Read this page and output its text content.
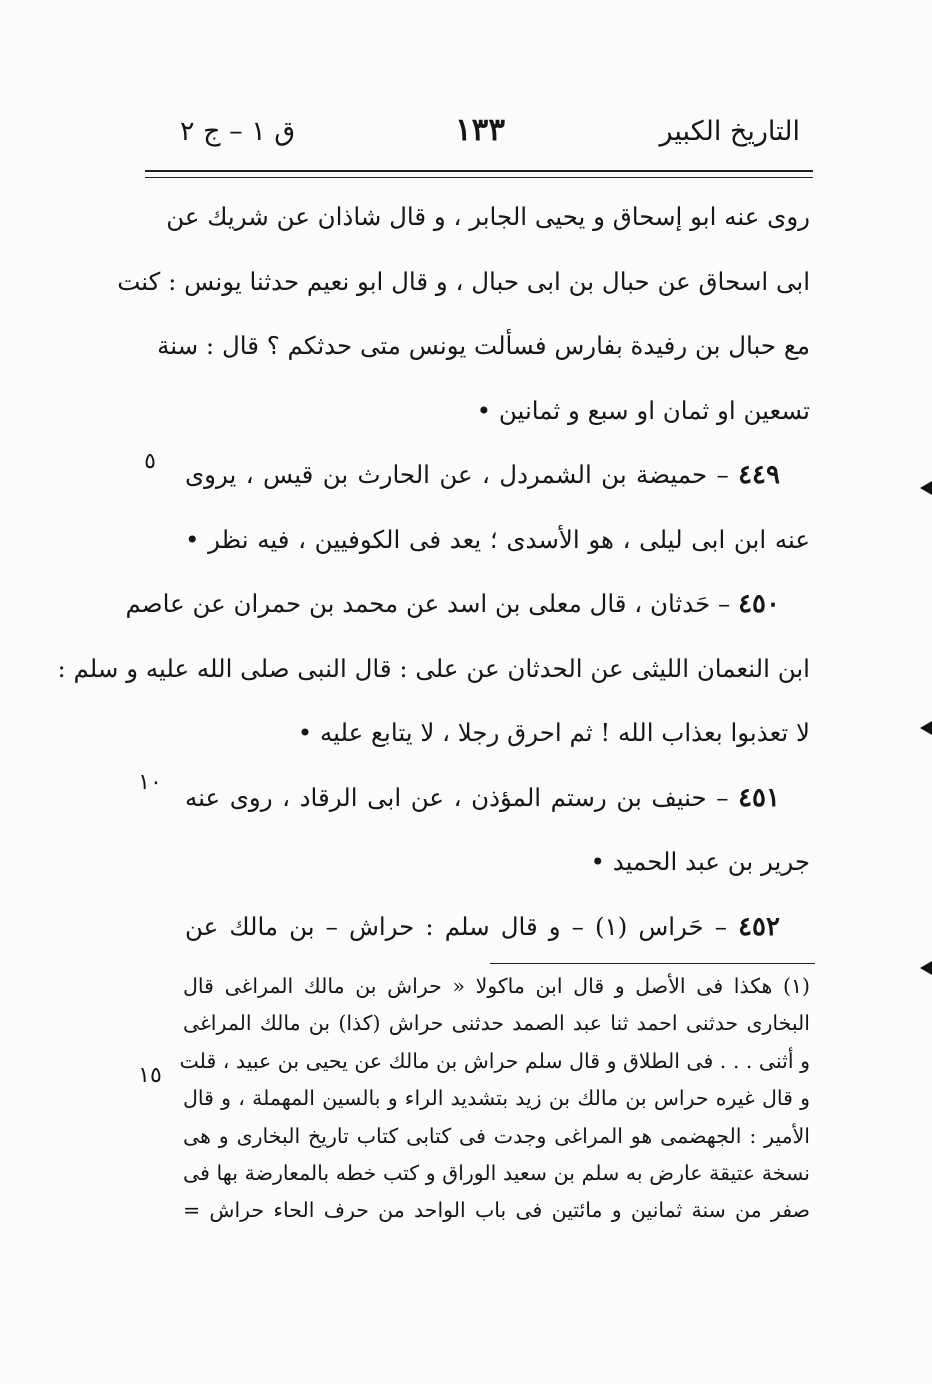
التاريخ الكبير
١٣٣
ق ١ – ج ٢
روى عنه ابو إسحاق و يحيى الجابر ، و قال شاذان عن شريك عن
ابى اسحاق عن حبال بن ابى حبال ، و قال ابو نعيم حدثنا يونس : كنت
مع حبال بن رفيدة بفارس فسألت يونس متى حدثكم ؟ قال : سنة
تسعين او ثمان او سبع و ثمانين •
٤٤٩ – حميضة بن الشمردل ، عن الحارث بن قيس ، يروى
عنه ابن ابى ليلى ، هو الأسدى ؛ يعد فى الكوفيين ، فيه نظر •
٤٥٠ – حَدثان ، قال معلى بن اسد عن محمد بن حمران عن عاصم
ابن النعمان الليثى عن الحدثان عن على : قال النبى صلى الله عليه و سلم :
لا تعذبوا بعذاب الله ! ثم احرق رجلا ، لا يتابع عليه •
٤٥١ – حنيف بن رستم المؤذن ، عن ابى الرقاد ، روى عنه
جرير بن عبد الحميد •
٤٥٢ – حَراس (١) – و قال سلم : حراش – بن مالك عن
٥
١٠
١٥
(١) هكذا فى الأصل و قال ابن ماكولا « حراش بن مالك المراغى قال
البخارى حدثنى احمد ثنا عبد الصمد حدثنى حراش (كذا) بن مالك المراغى
و أثنى . . . فى الطلاق و قال سلم حراش بن مالك عن يحيى بن عبيد ، قلت
و قال غيره حراس بن مالك بن زيد بتشديد الراء و بالسين المهملة ، و قال
الأمير : الجهضمى هو المراغى وجدت فى كتابى كتاب تاريخ البخارى و هى
نسخة عتيقة عارض به سلم بن سعيد الوراق و كتب خطه بالمعارضة بها فى
صفر من سنة ثمانين و مائتين فى باب الواحد من حرف الحاء حراش =
